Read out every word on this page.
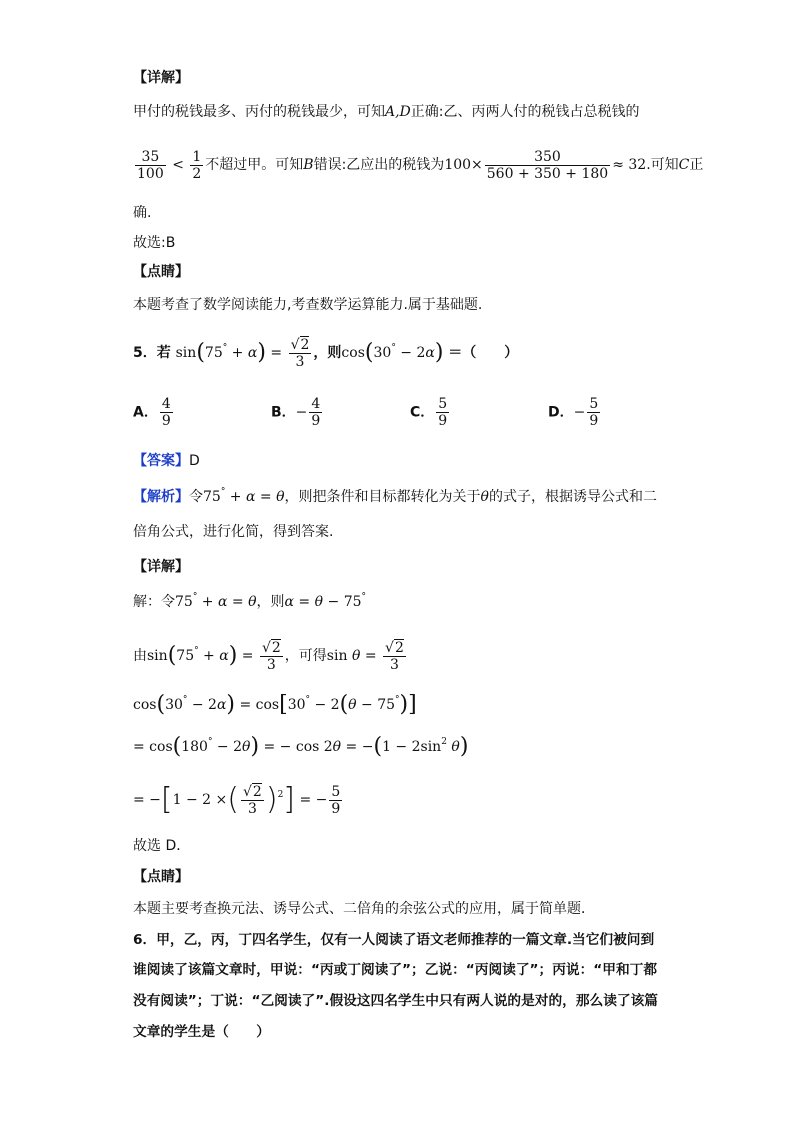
【详解】
甲付的税钱最多、丙付的税钱最少，可知A,D正确:乙、丙两人付的税钱占总税钱的
$\frac{35}{100} < \frac{1}{2}$ 不超过甲。可知B错误:乙应出的税钱为$100\times \frac{350}{560 + 350 + 180} \approx 32$.可知C正
确.
故选:B
【点睛】
本题考查了数学阅读能力,考查数学运算能力.属于基础题.
5．若 $\sin(75^\circ + \alpha) = \frac{√2}{3}$ ，则cos(30° − 2α) ＝（　　）
A． $\frac{4}{9}$	B．− $\frac{4}{9}$	C． $\frac{5}{9}$	D．− $\frac{5}{9}$
【答案】D
【解析】令75° + α = θ，则把条件和目标都转化为关于θ的式子，根据诱导公式和二
倍角公式，进行化简，得到答案.
【详解】
解：令75° + α = θ，则α = θ − 75°
由$\sin(75^\circ + \alpha) = \frac{√2}{3}$ ，可得$\sin \theta = \frac{√2}{3}$
cos(30° − 2α) = cos[30° − 2(θ − 75°)]
= cos(180° − 2θ) = − $\cos 2\theta = -(1 - 2\sin^2$ θ)
= −[1 − 2 ×( $\frac{√2}{3} )^2$] = − $\frac{5}{9}$
故选 D．
【点睛】
本题主要考查换元法、诱导公式、二倍角的余弦公式的应用，属于简单题．
6．甲，乙，丙，丁四名学生，仅有一人阅读了语文老师推荐的一篇文章.当它们被问到
谁阅读了该篇文章时，甲说：“丙或丁阅读了”；乙说：“丙阅读了”；丙说：“甲和丁都
没有阅读”；丁说：“乙阅读了”.假设这四名学生中只有两人说的是对的，那么读了该篇
文章的学生是（　　）
